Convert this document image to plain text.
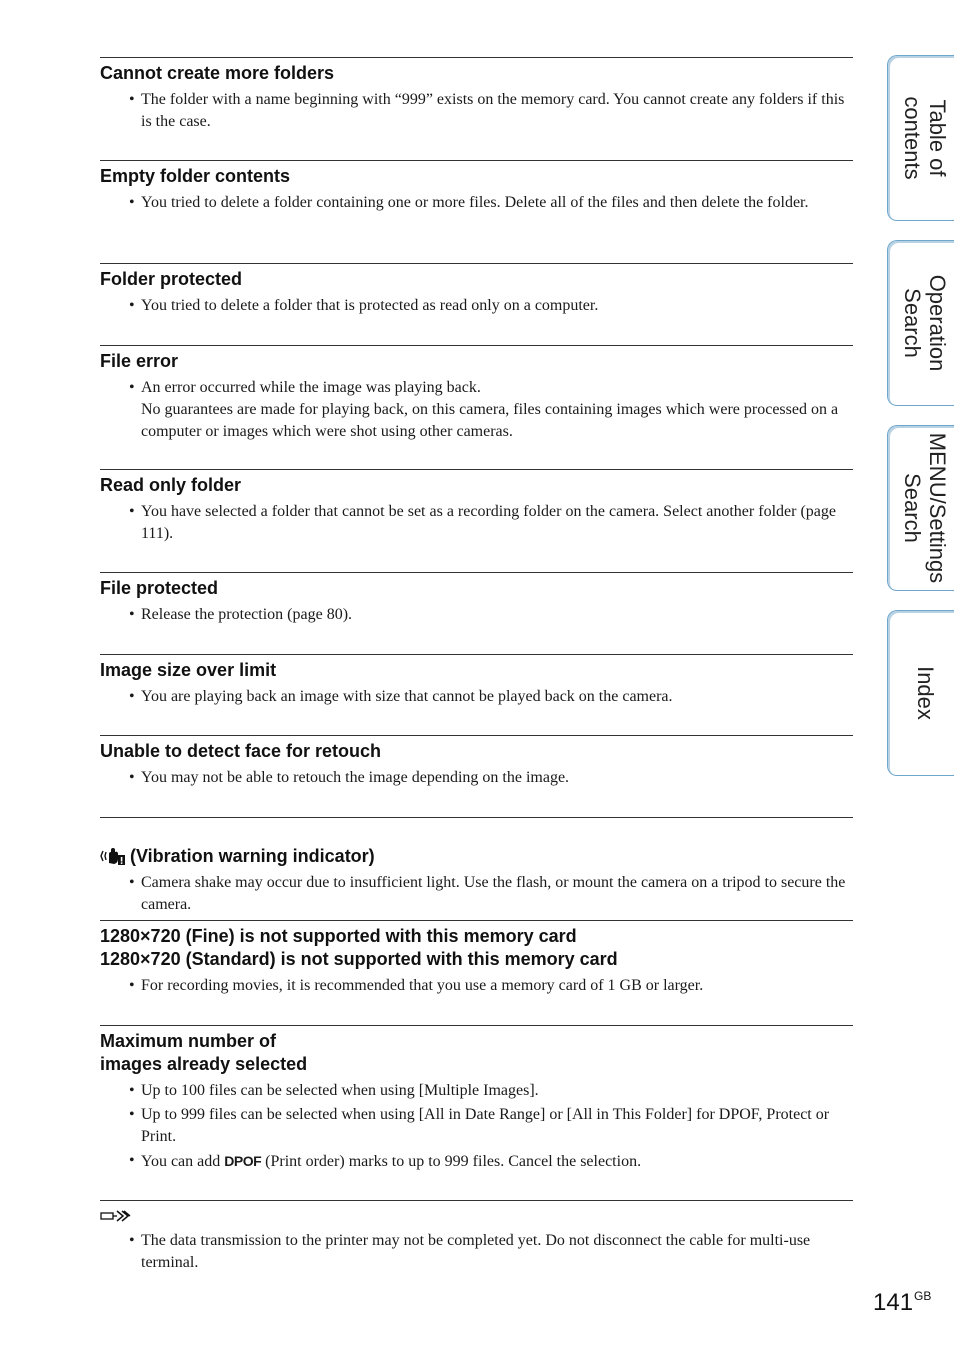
Cannot create more folders
• The folder with a name beginning with “999” exists on the memory card. You cannot create any folders if this is the case.
Empty folder contents
• You tried to delete a folder containing one or more files. Delete all of the files and then delete the folder.
Folder protected
• You tried to delete a folder that is protected as read only on a computer.
File error
• An error occurred while the image was playing back.
No guarantees are made for playing back, on this camera, files containing images which were processed on a computer or images which were shot using other cameras.
Read only folder
• You have selected a folder that cannot be set as a recording folder on the camera. Select another folder (page 111).
File protected
• Release the protection (page 80).
Image size over limit
• You are playing back an image with size that cannot be played back on the camera.
Unable to detect face for retouch
• You may not be able to retouch the image depending on the image.

(Vibration warning indicator)

• Camera shake may occur due to insufficient light. Use the flash, or mount the camera on a tripod to secure the camera.
1280×720 (Fine) is not supported with this memory card
1280×720 (Standard) is not supported with this memory card
• For recording movies, it is recommended that you use a memory card of 1 GB or larger.
Maximum number of
images already selected
• Up to 100 files can be selected when using [Multiple Images].
• Up to 999 files can be selected when using [All in Date Range] or [All in This Folder] for DPOF, Protect or Print.
• You can add DPOF (Print order) marks to up to 999 files. Cancel the selection.
• The data transmission to the printer may not be completed yet. Do not disconnect the cable for multi-use terminal.
Table of
contents
Operation
Search
MENU/Settings
Search
Index
$141^{GB}$
